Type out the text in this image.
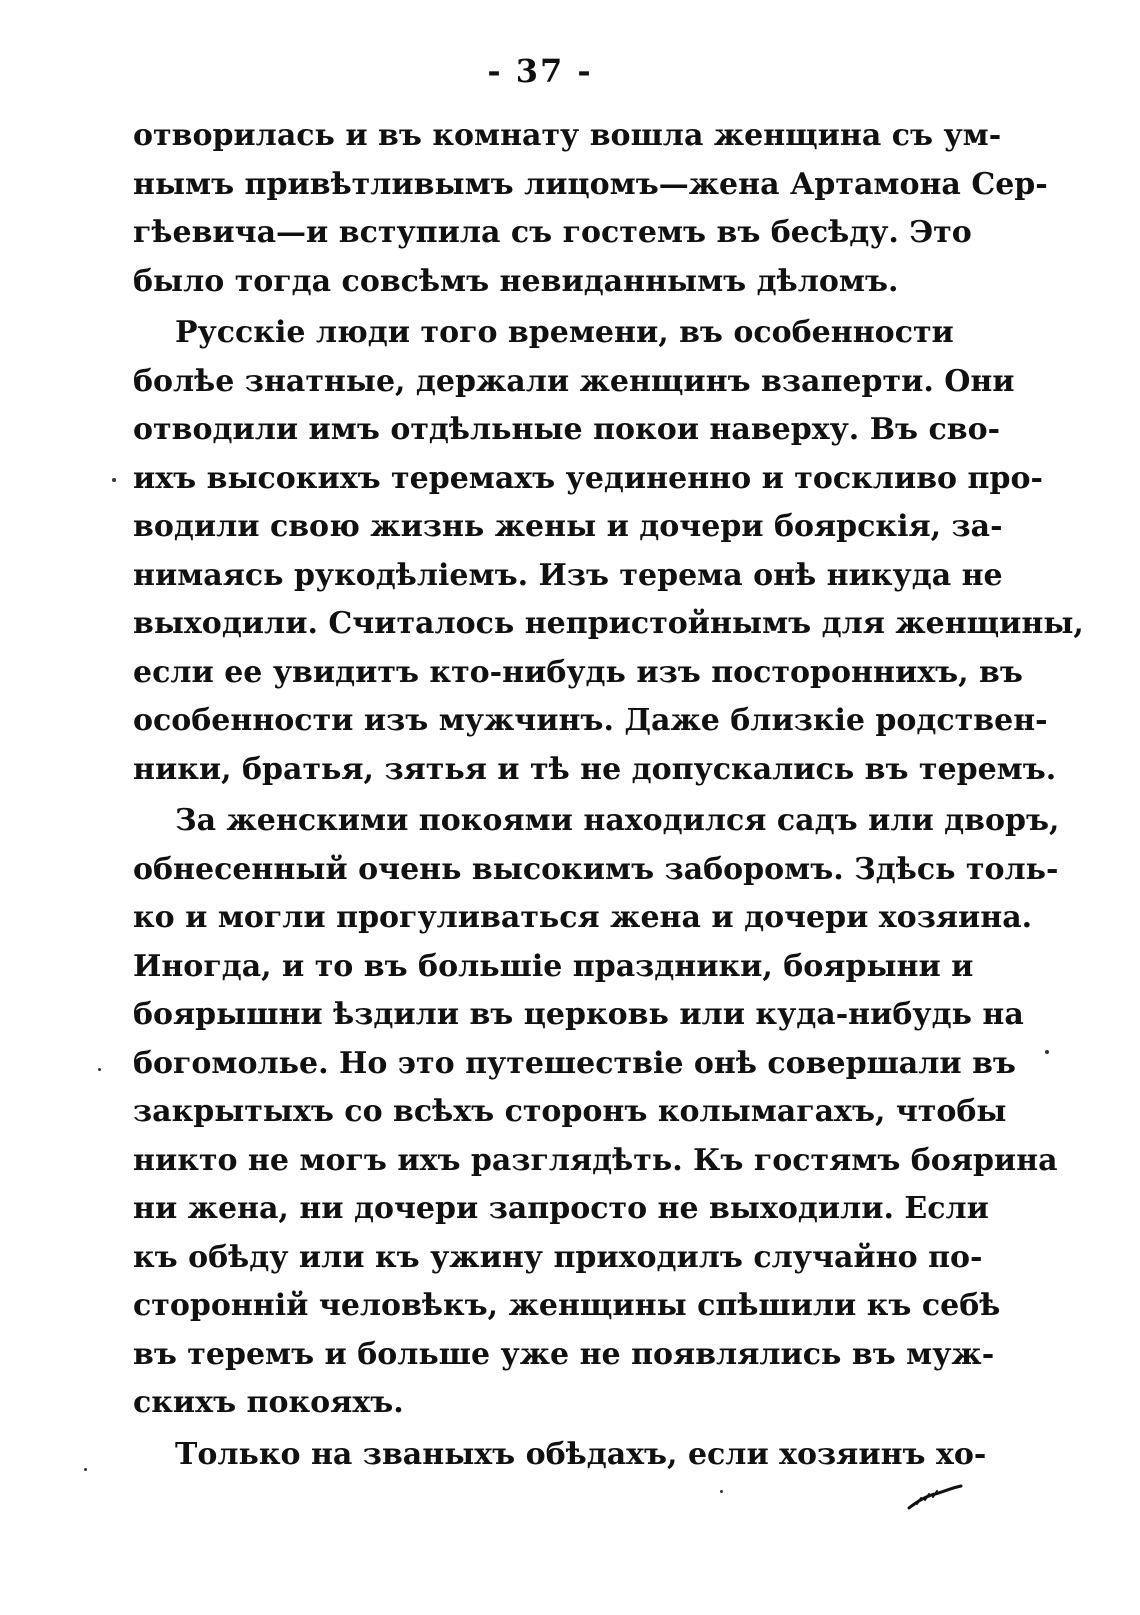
- 37 -
отворилась и въ комнату вошла женщина съ ум-
нымъ привѣтливымъ лицомъ—жена Артамона Сер-
гѣевича—и вступила съ гостемъ въ бесѣду. Это
было тогда совсѣмъ невиданнымъ дѣломъ.
Русскіе люди того времени, въ особенности
болѣе знатные, держали женщинъ взаперти. Они
отводили имъ отдѣльные покои наверху. Въ сво-
ихъ высокихъ теремахъ уединенно и тоскливо про-
водили свою жизнь жены и дочери боярскія, за-
нимаясь рукодѣліемъ. Изъ терема онѣ никуда не
выходили. Считалось непристойнымъ для женщины,
если ее увидитъ кто-нибудь изъ постороннихъ, въ
особенности изъ мужчинъ. Даже близкіе родствен-
ники, братья, зятья и тѣ не допускались въ теремъ.
За женскими покоями находился садъ или дворъ,
обнесенный очень высокимъ заборомъ. Здѣсь толь-
ко и могли прогуливаться жена и дочери хозяина.
Иногда, и то въ большіе праздники, боярыни и
боярышни ѣздили въ церковь или куда-нибудь на
богомолье. Но это путешествіе онѣ совершали въ
закрытыхъ со всѣхъ сторонъ колымагахъ, чтобы
никто не могъ ихъ разглядѣть. Къ гостямъ боярина
ни жена, ни дочери запросто не выходили. Если
къ обѣду или къ ужину приходилъ случайно по-
сторонній человѣкъ, женщины спѣшили къ себѣ
въ теремъ и больше уже не появлялись въ муж-
скихъ покояхъ.
Только на званыхъ обѣдахъ, если хозяинъ хо-
